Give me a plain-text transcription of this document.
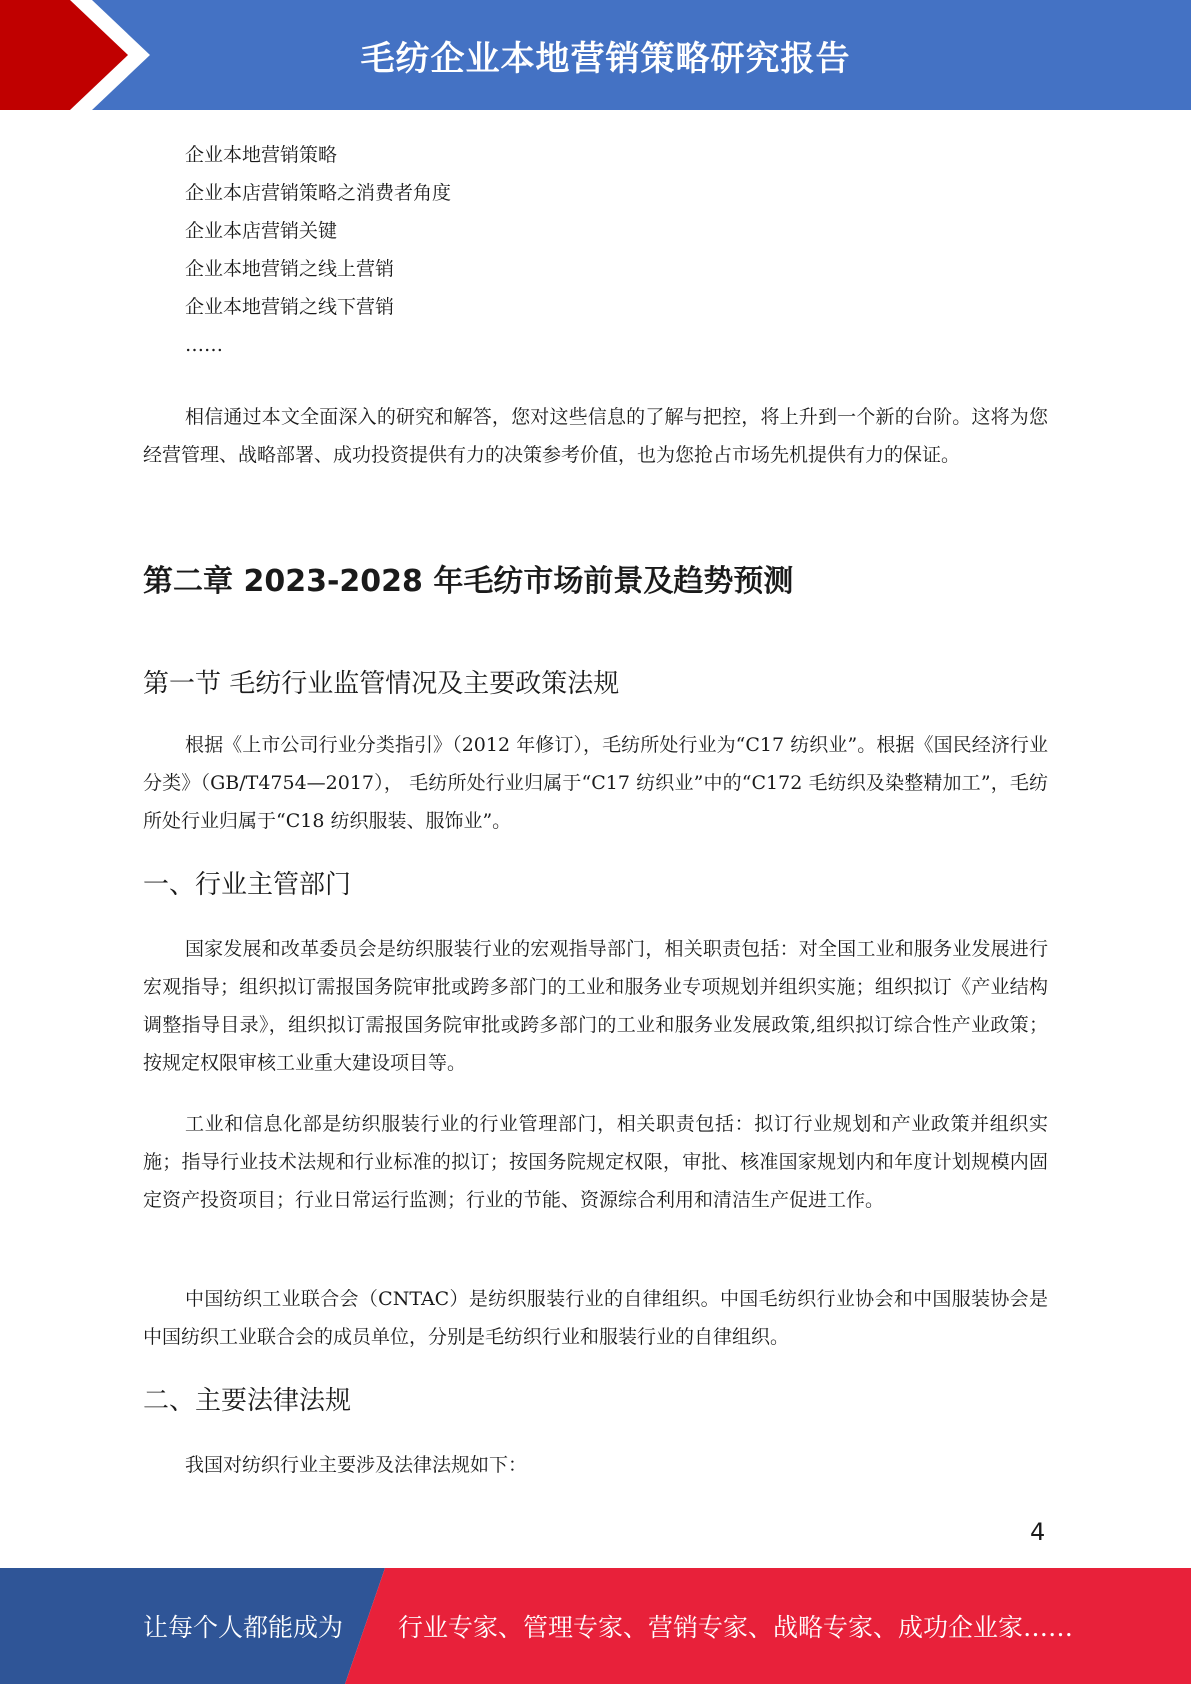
毛纺企业本地营销策略研究报告
企业本地营销策略
企业本店营销策略之消费者角度
企业本店营销关键
企业本地营销之线上营销
企业本地营销之线下营销
……

相信通过本文全面深入的研究和解答，您对这些信息的了解与把控，将上升到一个新的台阶。这将为您经营管理、战略部署、成功投资提供有力的决策参考价值，也为您抢占市场先机提供有力的保证。

第二章 2023-2028 年毛纺市场前景及趋势预测
第一节 毛纺行业监管情况及主要政策法规

根据《上市公司行业分类指引》（2012 年修订），毛纺所处行业为“C17 纺织业”。根据《国民经济行业分类》（GB/T4754—2017）， 毛纺所处行业归属于“C17 纺织业”中的“C172 毛纺织及染整精加工”，毛纺所处行业归属于“C18 纺织服装、服饰业”。

一、行业主管部门

国家发展和改革委员会是纺织服装行业的宏观指导部门，相关职责包括：对全国工业和服务业发展进行宏观指导；组织拟订需报国务院审批或跨多部门的工业和服务业专项规划并组织实施；组织拟订《产业结构调整指导目录》，组织拟订需报国务院审批或跨多部门的工业和服务业发展政策,组织拟订综合性产业政策；按规定权限审核工业重大建设项目等。

工业和信息化部是纺织服装行业的行业管理部门，相关职责包括：拟订行业规划和产业政策并组织实施；指导行业技术法规和行业标准的拟订；按国务院规定权限，审批、核准国家规划内和年度计划规模内固定资产投资项目；行业日常运行监测；行业的节能、资源综合利用和清洁生产促进工作。

中国纺织工业联合会（CNTAC）是纺织服装行业的自律组织。中国毛纺织行业协会和中国服装协会是中国纺织工业联合会的成员单位，分别是毛纺织行业和服装行业的自律组织。

二、主要法律法规

我国对纺织行业主要涉及法律法规如下：

4
让每个人都能成为 行业专家、管理专家、营销专家、战略专家、成功企业家……
